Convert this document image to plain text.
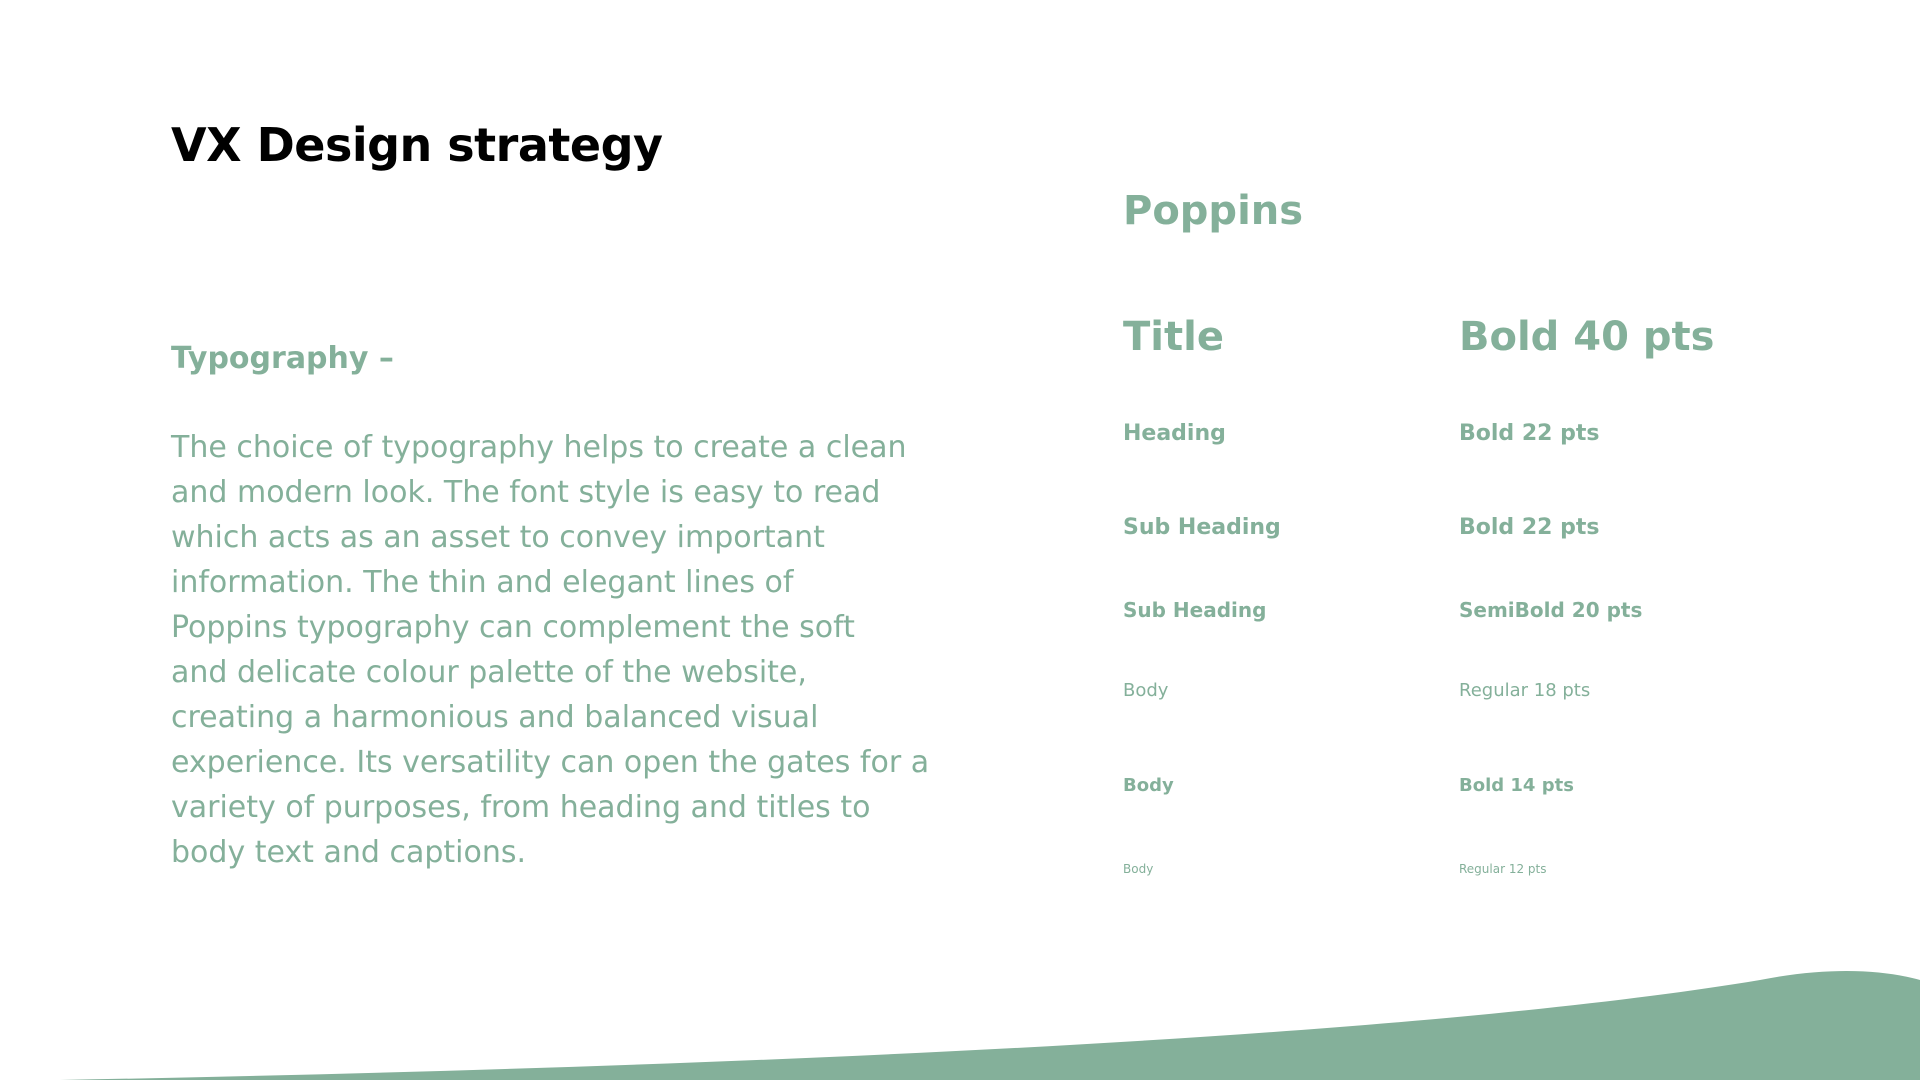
VX Design strategy
Typography –

The choice of typography helps to create a clean
and modern look. The font style is easy to read
which acts as an asset to convey important
information. The thin and elegant lines of
Poppins typography can complement the soft
and delicate colour palette of the website,
creating a harmonious and balanced visual
experience. Its versatility can open the gates for a
variety of purposes, from heading and titles to
body text and captions.

Poppins
Title	Bold 40 pts
Heading	Bold 22 pts
Sub Heading	Bold 22 pts
Sub Heading	SemiBold 20 pts
Body	Regular 18 pts
Body	Bold 14 pts
Body	Regular 12 pts
